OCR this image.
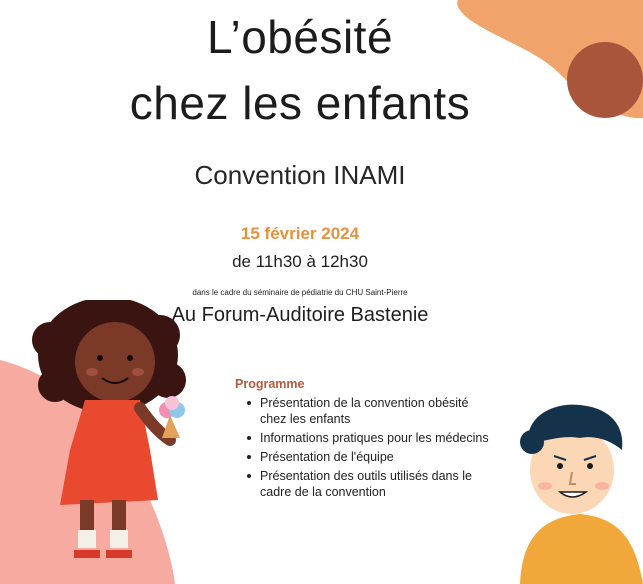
L’obésité
chez les enfants
Convention INAMI
15 février 2024
de 11h30 à 12h30
dans le cadre du séminaire de pédiatrie du CHU Saint-Pierre
Au Forum-Auditoire Bastenie
Programme
Présentation de la convention obésité chez les enfants
Informations pratiques pour les médecins
Présentation de l'équipe
Présentation des outils utilisés dans le cadre de la convention
